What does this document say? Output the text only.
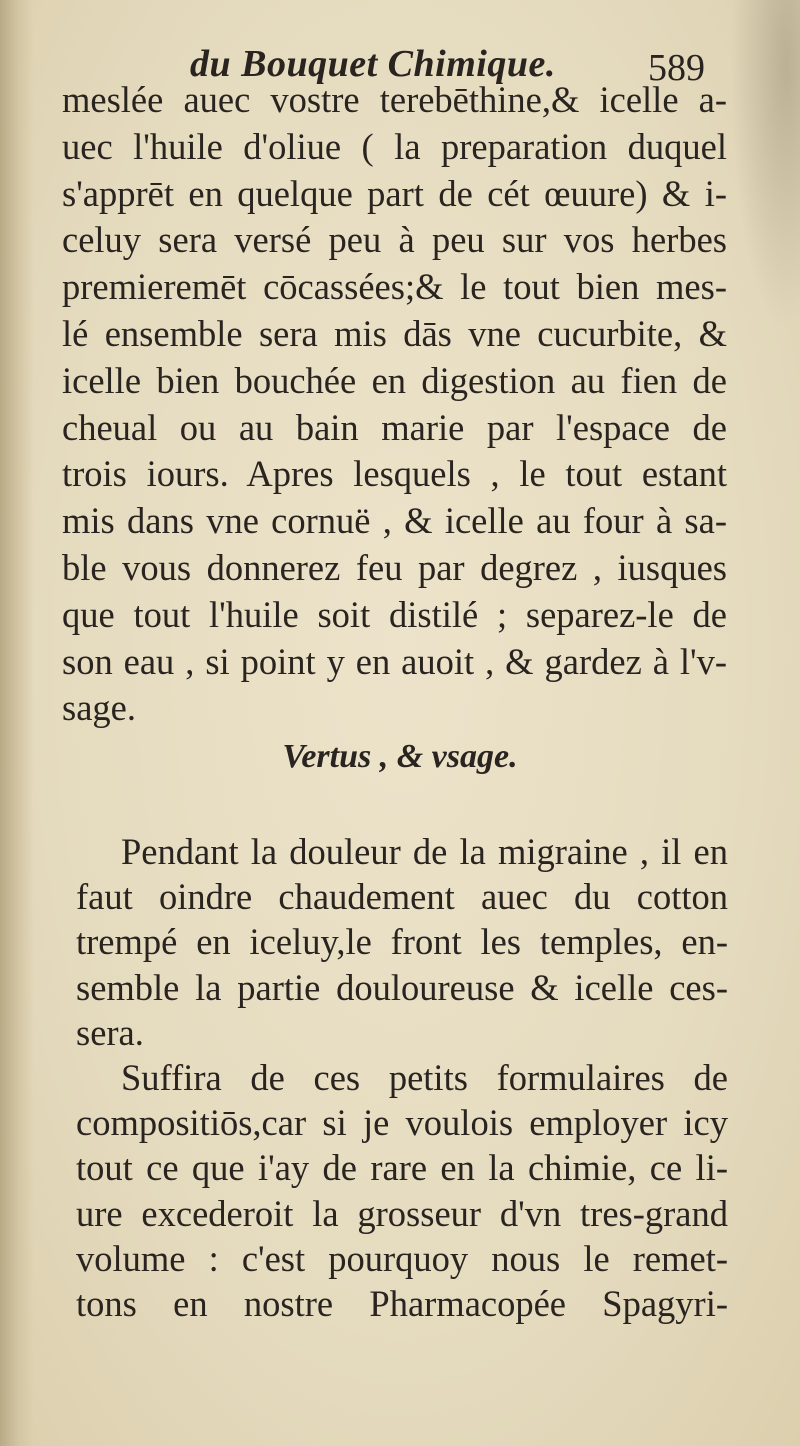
du Bouquet Chimique. 589
meslée auec vostre terebēthine,& icelle a-
uec l'huile d'oliue ( la preparation duquel
s'apprēt en quelque part de cét œuure) & i-
celuy sera versé peu à peu sur vos herbes
premieremēt cōcassées;& le tout bien mes-
lé ensemble sera mis dās vne cucurbite, &
icelle bien bouchée en digestion au fien de
cheual ou au bain marie par l'espace de
trois iours. Apres lesquels , le tout estant
mis dans vne cornuë , & icelle au four à sa-
ble vous donnerez feu par degrez , iusques
que tout l'huile soit distilé ; separez-le de
son eau , si point y en auoit , & gardez à l'v-
sage.
Vertus , & vsage.
Pendant la douleur de la migraine , il en
faut oindre chaudement auec du cotton
trempé en iceluy,le front les temples, en-
semble la partie douloureuse & icelle ces-
sera.
Suffira de ces petits formulaires de
compositiōs,car si je voulois employer icy
tout ce que i'ay de rare en la chimie, ce li-
ure excederoit la grosseur d'vn tres-grand
volume : c'est pourquoy nous le remet-
tons en nostre Pharmacopée Spagyri-
